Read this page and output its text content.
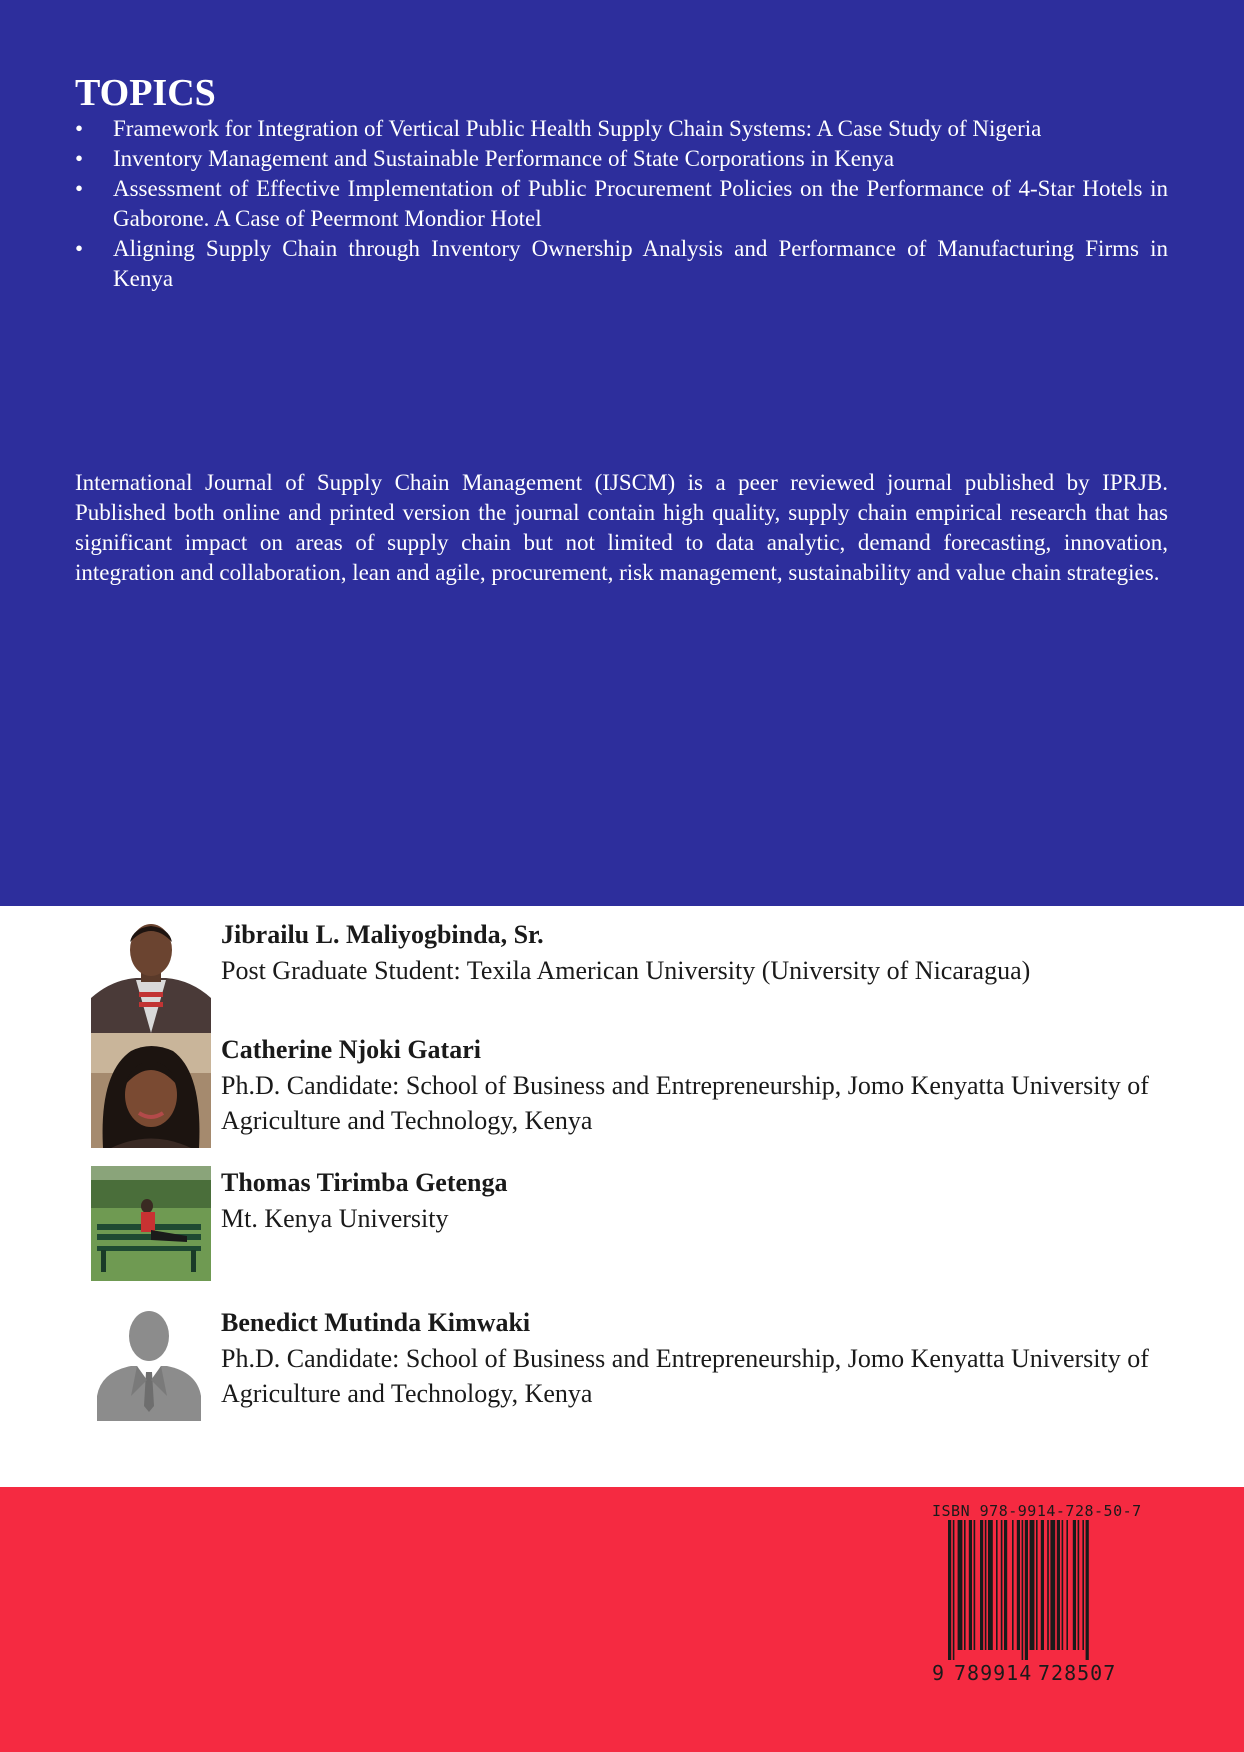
TOPICS
• Framework for Integration of Vertical Public Health Supply Chain Systems: A Case Study of Nigeria
• Inventory Management and Sustainable Performance of State Corporations in Kenya
• Assessment of Effective Implementation of Public Procurement Policies on the Performance of 4-Star Hotels in Gaborone. A Case of Peermont Mondior Hotel
• Aligning Supply Chain through Inventory Ownership Analysis and Performance of Manufacturing Firms in Kenya

International Journal of Supply Chain Management (IJSCM) is a peer reviewed journal published by IPRJB. Published both online and printed version the journal contain high quality, supply chain empirical research that has significant impact on areas of supply chain but not limited to data analytic, demand forecasting, innovation, integration and collaboration, lean and agile, procurement, risk management, sustainability and value chain strategies.

Jibrailu L. Maliyogbinda, Sr.
Post Graduate Student: Texila American University (University of Nicaragua)
Catherine Njoki Gatari
Ph.D. Candidate: School of Business and Entrepreneurship, Jomo Kenyatta University of Agriculture and Technology, Kenya
Thomas Tirimba Getenga
Mt. Kenya University
Benedict Mutinda Kimwaki
Ph.D. Candidate: School of Business and Entrepreneurship, Jomo Kenyatta University of Agriculture and Technology, Kenya
ISBN 978-9914-728-50-7
9 789914 728507
